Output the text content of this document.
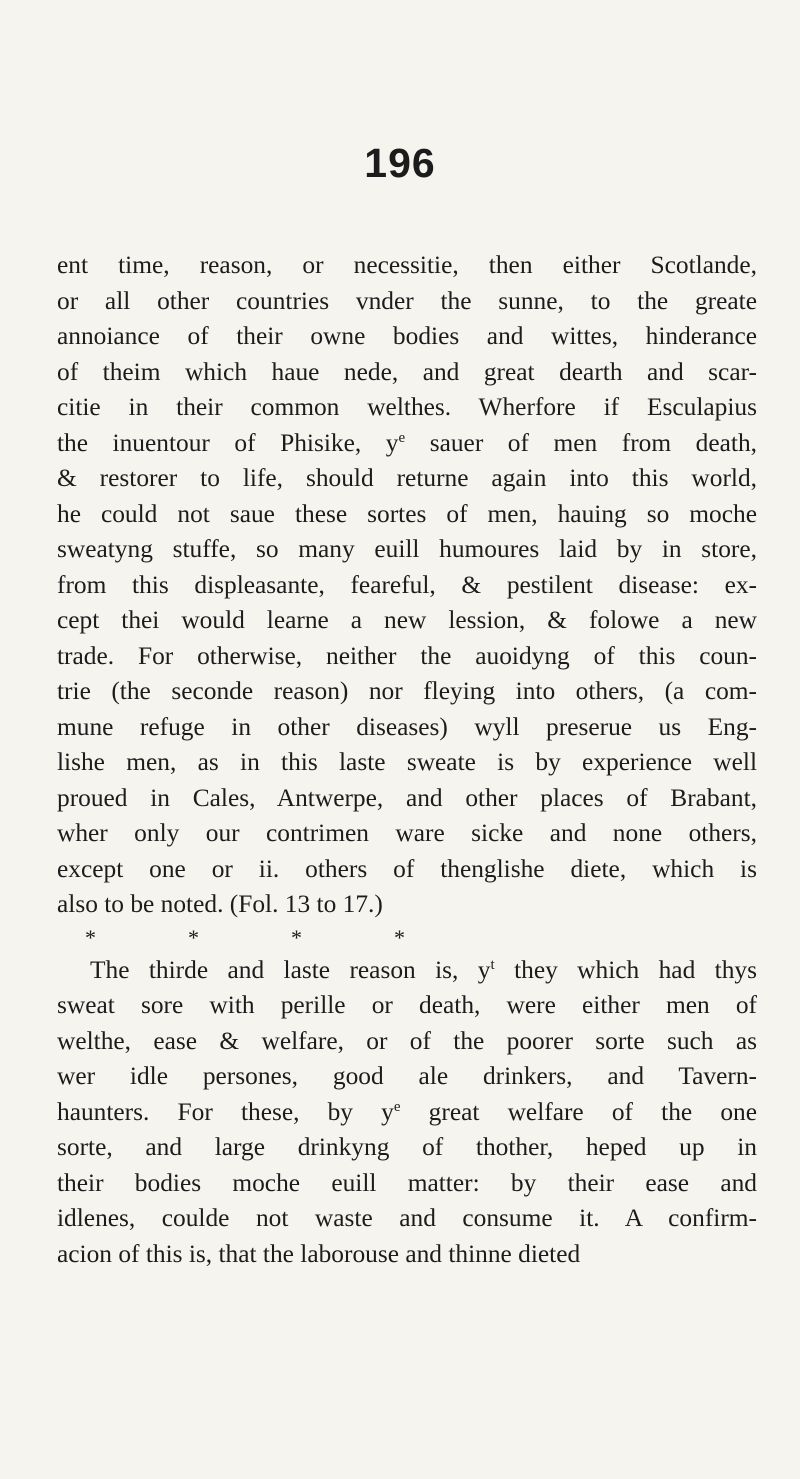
196
ent time, reason, or necessitie, then either Scotlande,
or all other countries vnder the sunne, to the greate
annoiance of their owne bodies and wittes, hinderance
of theim which haue nede, and great dearth and scar-
citie in their common welthes. Wherfore if Esculapius
the inuentour of Phisike, $y^e$ sauer of men from death,
& restorer to life, should returne again into this world,
he could not saue these sortes of men, hauing so moche
sweatyng stuffe, so many euill humoures laid by in store,
from this displeasante, feareful, & pestilent disease: ex-
cept thei would learne a new lession, & folowe a new
trade. For otherwise, neither the auoidyng of this coun-
trie (the seconde reason) nor fleying into others, (a com-
mune refuge in other diseases) wyll preserue us Eng-
lishe men, as in this laste sweate is by experience well
proued in Cales, Antwerpe, and other places of Brabant,
wher only our contrimen ware sicke and none others,
except one or ii. others of thenglishe diete, which is
also to be noted. (Fol. 13 to 17.)
*	*	*	*
The thirde and laste reason is, $y^t$ they which had thys
sweat sore with perille or death, were either men of
welthe, ease & welfare, or of the poorer sorte such as
wer idle persones, good ale drinkers, and Tavern-
haunters. For these, by $y^e$ great welfare of the one
sorte, and large drinkyng of thother, heped up in
their bodies moche euill matter: by their ease and
idlenes, coulde not waste and consume it. A confirm-
acion of this is, that the laborouse and thinne dieted
